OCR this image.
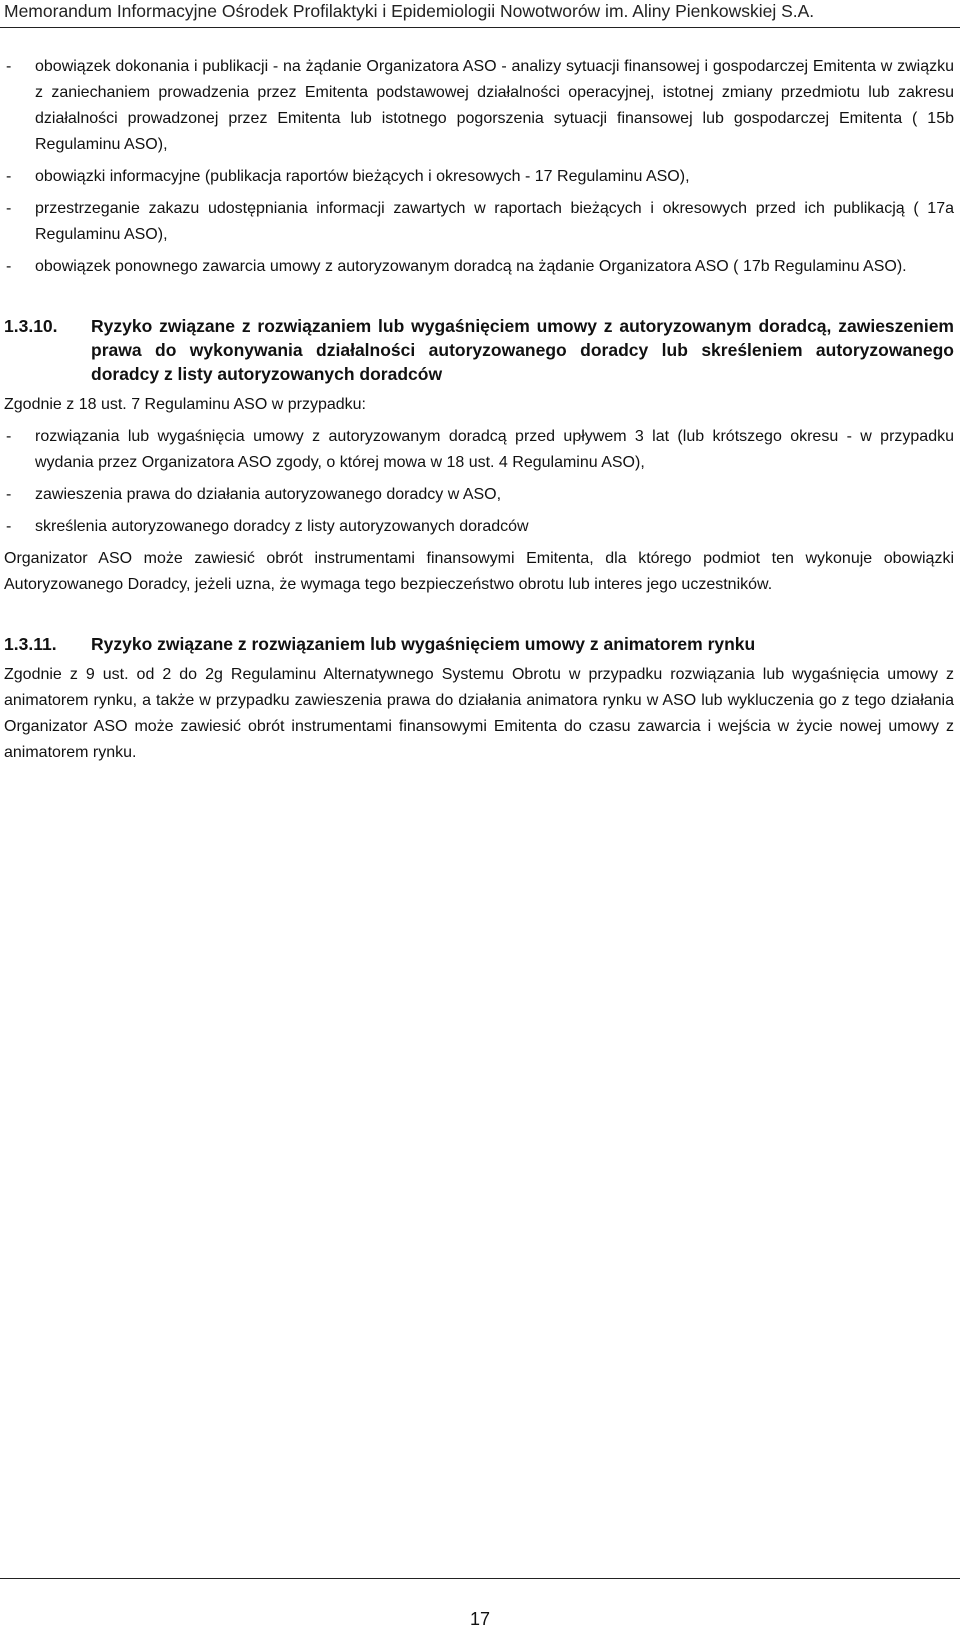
Memorandum Informacyjne Ośrodek Profilaktyki i Epidemiologii Nowotworów im. Aliny Pienkowskiej S.A.
- obowiązek dokonania i publikacji - na żądanie Organizatora ASO - analizy sytuacji finansowej i gospodarczej Emitenta w związku z zaniechaniem prowadzenia przez Emitenta podstawowej działalności operacyjnej, istotnej zmiany przedmiotu lub zakresu działalności prowadzonej przez Emitenta lub istotnego pogorszenia sytuacji finansowej lub gospodarczej Emitenta ( 15b Regulaminu ASO),
- obowiązki informacyjne (publikacja raportów bieżących i okresowych - 17 Regulaminu ASO),
- przestrzeganie zakazu udostępniania informacji zawartych w raportach bieżących i okresowych przed ich publikacją ( 17a Regulaminu ASO),
- obowiązek ponownego zawarcia umowy z autoryzowanym doradcą na żądanie Organizatora ASO ( 17b Regulaminu ASO).
1.3.10. Ryzyko związane z rozwiązaniem lub wygaśnięciem umowy z autoryzowanym doradcą, zawieszeniem prawa do wykonywania działalności autoryzowanego doradcy lub skreśleniem autoryzowanego doradcy z listy autoryzowanych doradców
Zgodnie z 18 ust. 7 Regulaminu ASO w przypadku:
- rozwiązania lub wygaśnięcia umowy z autoryzowanym doradcą przed upływem 3 lat (lub krótszego okresu - w przypadku wydania przez Organizatora ASO zgody, o której mowa w 18 ust. 4 Regulaminu ASO),
- zawieszenia prawa do działania autoryzowanego doradcy w ASO,
- skreślenia autoryzowanego doradcy z listy autoryzowanych doradców
Organizator ASO może zawiesić obrót instrumentami finansowymi Emitenta, dla którego podmiot ten wykonuje obowiązki Autoryzowanego Doradcy, jeżeli uzna, że wymaga tego bezpieczeństwo obrotu lub interes jego uczestników.
1.3.11. Ryzyko związane z rozwiązaniem lub wygaśnięciem umowy z animatorem rynku
Zgodnie z 9 ust. od 2 do 2g Regulaminu Alternatywnego Systemu Obrotu w przypadku rozwiązania lub wygaśnięcia umowy z animatorem rynku, a także w przypadku zawieszenia prawa do działania animatora rynku w ASO lub wykluczenia go z tego działania Organizator ASO może zawiesić obrót instrumentami finansowymi Emitenta do czasu zawarcia i wejścia w życie nowej umowy z animatorem rynku.
17
